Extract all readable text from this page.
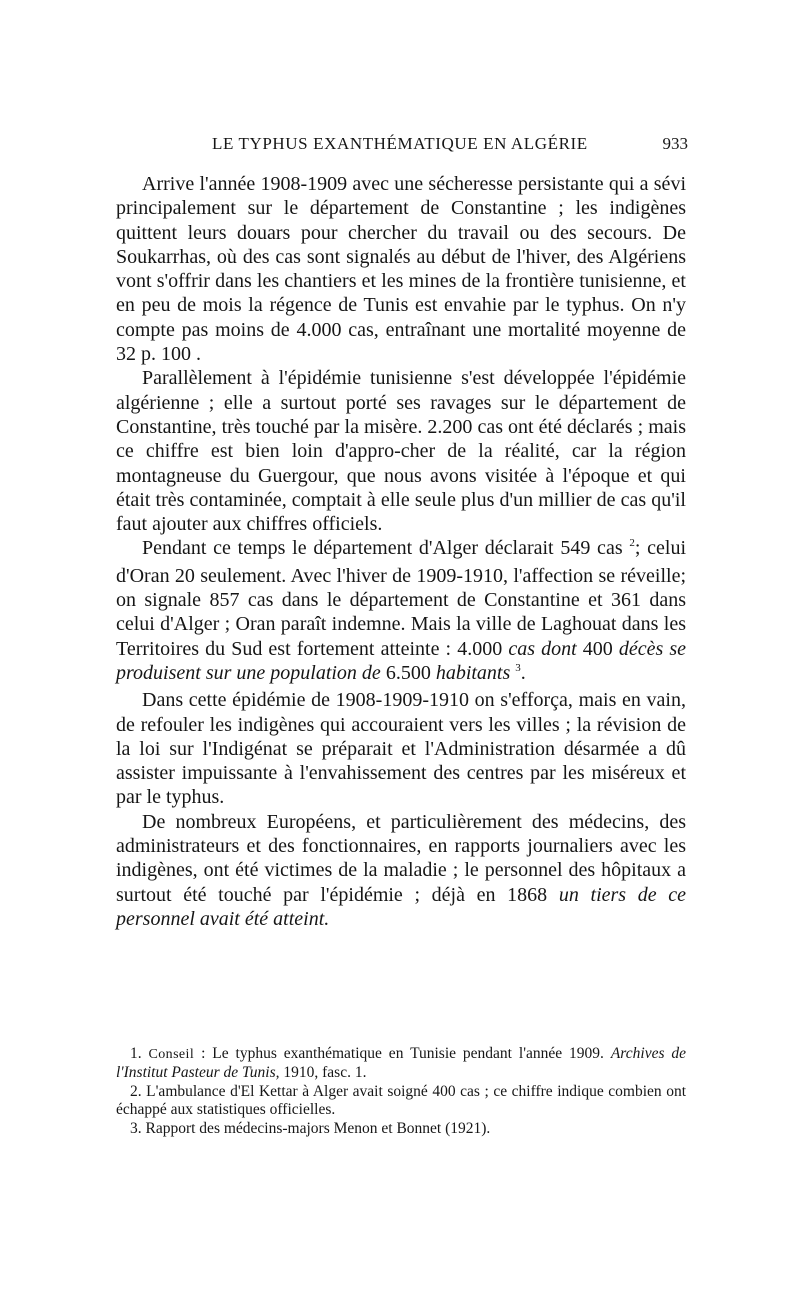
LE TYPHUS EXANTHÉMATIQUE EN ALGÉRIE	933

Arrive l'année 1908-1909 avec une sécheresse persistante qui a sévi principalement sur le département de Constantine ; les indigènes quittent leurs douars pour chercher du travail ou des secours. De Soukarrhas, où des cas sont signalés au début de l'hiver, des Algériens vont s'offrir dans les chantiers et les mines de la frontière tunisienne, et en peu de mois la régence de Tunis est envahie par le typhus. On n'y compte pas moins de 4.000 cas, entraînant une mortalité moyenne de 32 p. 100 .

Parallèlement à l'épidémie tunisienne s'est développée l'épidémie algérienne ; elle a surtout porté ses ravages sur le département de Constantine, très touché par la misère. 2.200 cas ont été déclarés ; mais ce chiffre est bien loin d'appro-cher de la réalité, car la région montagneuse du Guergour, que nous avons visitée à l'époque et qui était très contaminée, comptait à elle seule plus d'un millier de cas qu'il faut ajouter aux chiffres officiels.

Pendant ce temps le département d'Alger déclarait 549 cas $^2$; celui d'Oran 20 seulement. Avec l'hiver de 1909-1910, l'affection se réveille; on signale 857 cas dans le département de Constantine et 361 dans celui d'Alger ; Oran paraît indemne. Mais la ville de Laghouat dans les Territoires du Sud est fortement atteinte : 4.000 cas dont 400 décès se produisent sur une population de 6.500 habitants $^3$.

Dans cette épidémie de 1908-1909-1910 on s'efforça, mais en vain, de refouler les indigènes qui accouraient vers les villes ; la révision de la loi sur l'Indigénat se préparait et l'Administration désarmée a dû assister impuissante à l'envahissement des centres par les miséreux et par le typhus.

De nombreux Européens, et particulièrement des médecins, des administrateurs et des fonctionnaires, en rapports journaliers avec les indigènes, ont été victimes de la maladie ; le personnel des hôpitaux a surtout été touché par l'épidémie ; déjà en 1868 un tiers de ce personnel avait été atteint.

1. Conseil : Le typhus exanthématique en Tunisie pendant l'année 1909. Archives de l'Institut Pasteur de Tunis, 1910, fasc. 1.

2. L'ambulance d'El Kettar à Alger avait soigné 400 cas ; ce chiffre indique combien ont échappé aux statistiques officielles.

3. Rapport des médecins-majors Menon et Bonnet (1921).
